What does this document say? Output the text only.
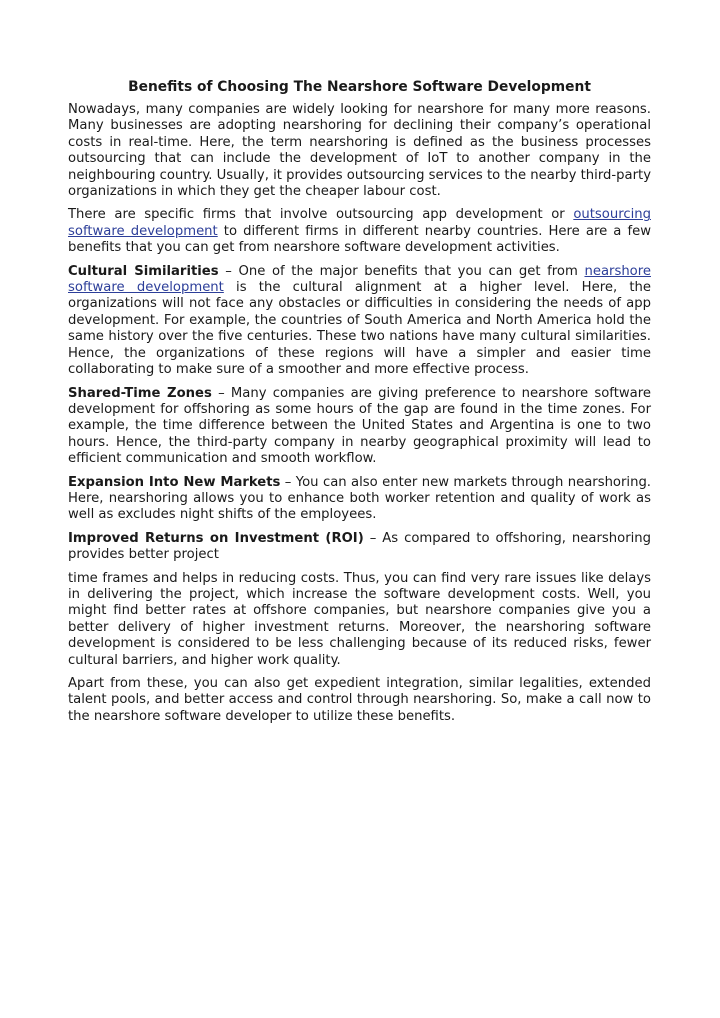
Benefits of Choosing The Nearshore Software Development

Nowadays, many companies are widely looking for nearshore for many more reasons. Many businesses are adopting nearshoring for declining their company’s operational costs in real-time. Here, the term nearshoring is defined as the business processes outsourcing that can include the development of IoT to another company in the neighbouring country. Usually, it provides outsourcing services to the nearby third-party organizations in which they get the cheaper labour cost.

There are specific firms that involve outsourcing app development or outsourcing software development to different firms in different nearby countries. Here are a few benefits that you can get from nearshore software development activities.

Cultural Similarities – One of the major benefits that you can get from nearshore software development is the cultural alignment at a higher level. Here, the organizations will not face any obstacles or difficulties in considering the needs of app development. For example, the countries of South America and North America hold the same history over the five centuries. These two nations have many cultural similarities. Hence, the organizations of these regions will have a simpler and easier time collaborating to make sure of a smoother and more effective process.

Shared-Time Zones – Many companies are giving preference to nearshore software development for offshoring as some hours of the gap are found in the time zones. For example, the time difference between the United States and Argentina is one to two hours. Hence, the third-party company in nearby geographical proximity will lead to efficient communication and smooth workflow.

Expansion Into New Markets – You can also enter new markets through nearshoring. Here, nearshoring allows you to enhance both worker retention and quality of work as well as excludes night shifts of the employees.

Improved Returns on Investment (ROI) – As compared to offshoring, nearshoring provides better project

time frames and helps in reducing costs. Thus, you can find very rare issues like delays in delivering the project, which increase the software development costs. Well, you might find better rates at offshore companies, but nearshore companies give you a better delivery of higher investment returns. Moreover, the nearshoring software development is considered to be less challenging because of its reduced risks, fewer cultural barriers, and higher work quality.

Apart from these, you can also get expedient integration, similar legalities, extended talent pools, and better access and control through nearshoring. So, make a call now to the nearshore software developer to utilize these benefits.
